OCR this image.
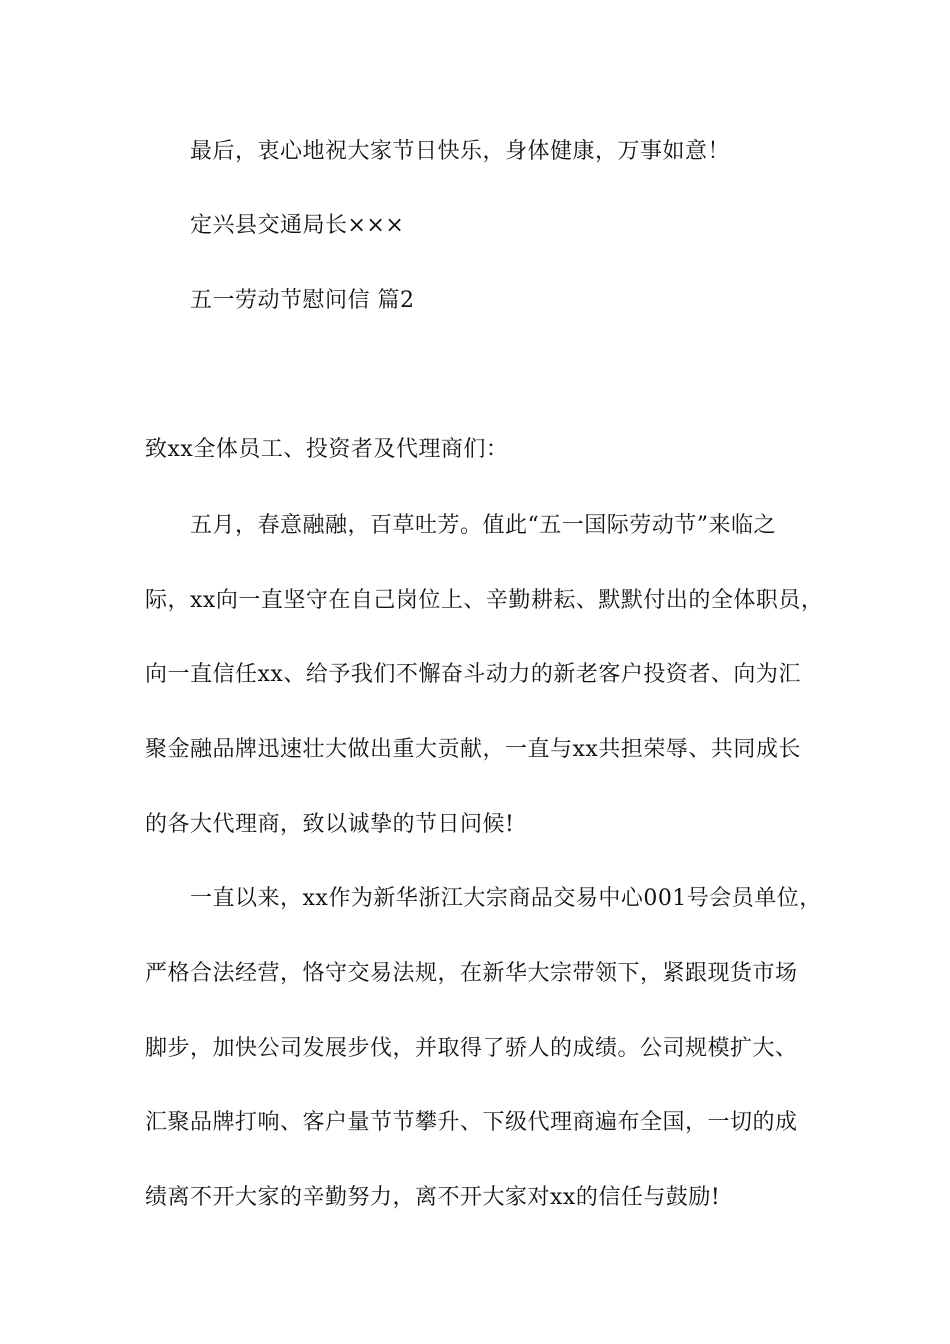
最后，衷心地祝大家节日快乐，身体健康，万事如意！
定兴县交通局长×××
五一劳动节慰问信 篇2
致xx全体员工、投资者及代理商们：
五月，春意融融，百草吐芳。值此“五一国际劳动节”来临之
际，xx向一直坚守在自己岗位上、辛勤耕耘、默默付出的全体职员，
向一直信任xx、给予我们不懈奋斗动力的新老客户投资者、向为汇
聚金融品牌迅速壮大做出重大贡献，一直与xx共担荣辱、共同成长
的各大代理商，致以诚挚的节日问候!
一直以来，xx作为新华浙江大宗商品交易中心001号会员单位，
严格合法经营，恪守交易法规，在新华大宗带领下，紧跟现货市场
脚步，加快公司发展步伐，并取得了骄人的成绩。公司规模扩大、
汇聚品牌打响、客户量节节攀升、下级代理商遍布全国，一切的成
绩离不开大家的辛勤努力，离不开大家对xx的信任与鼓励!
